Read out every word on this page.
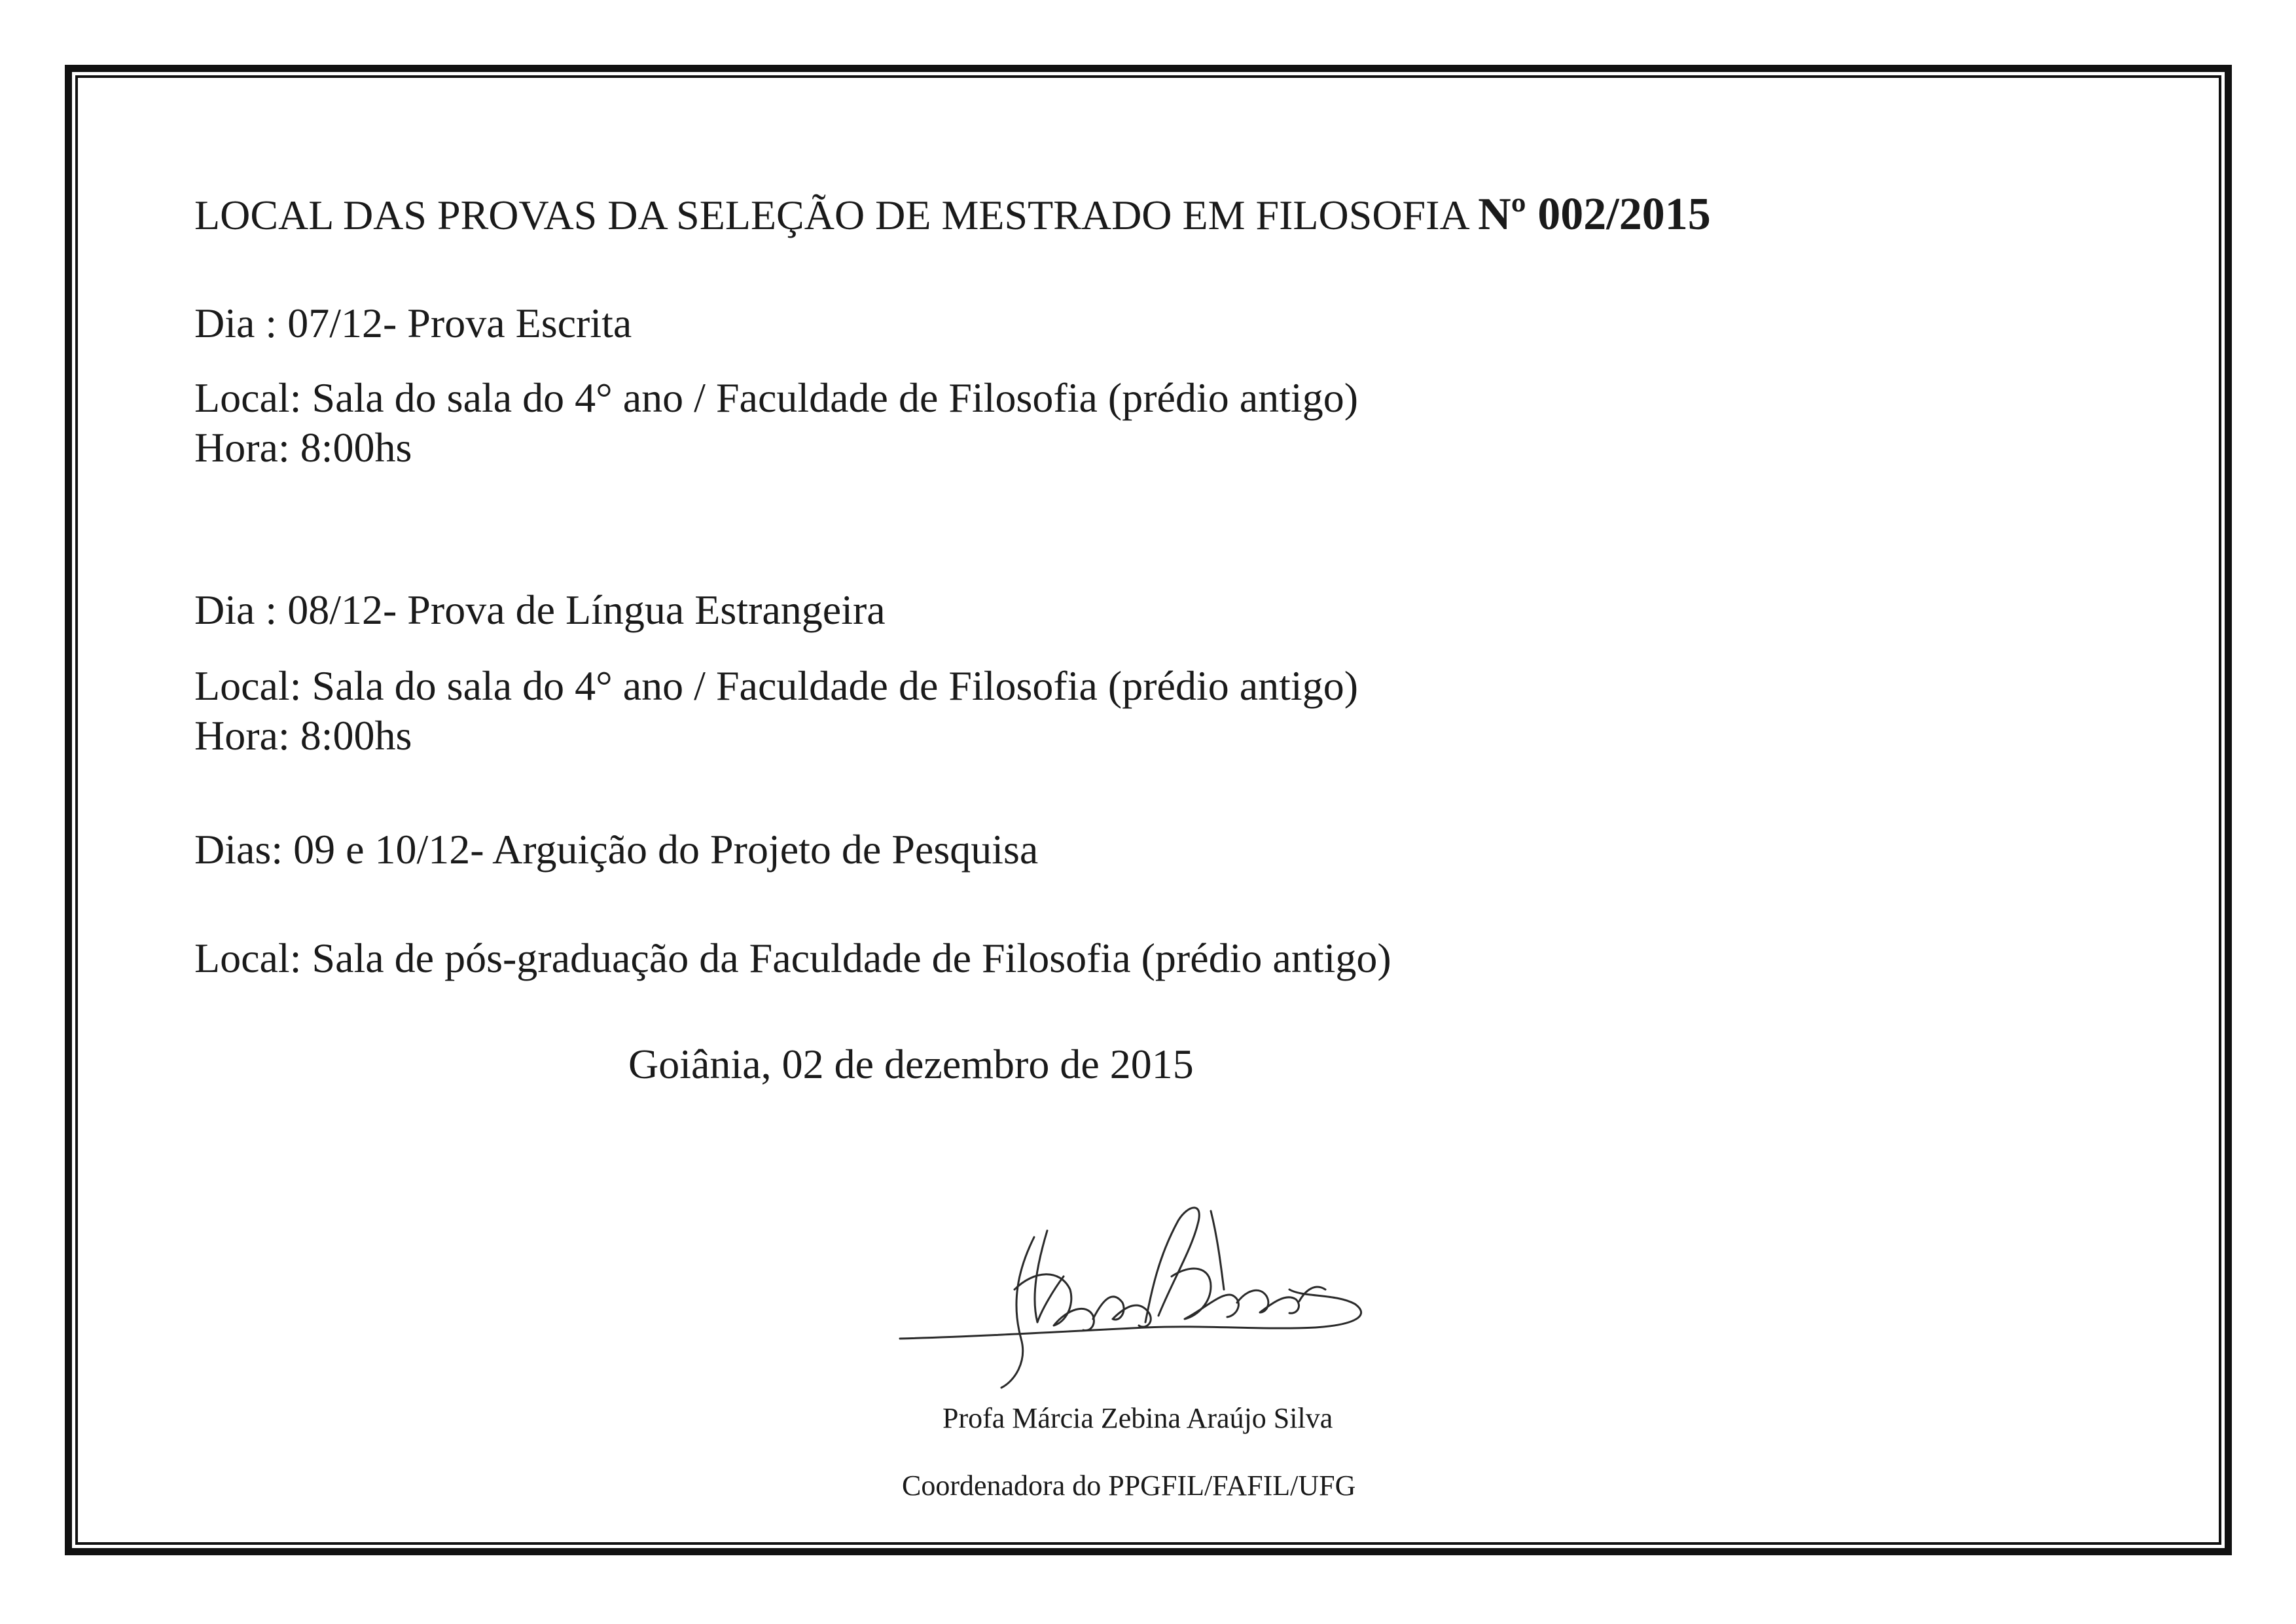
LOCAL DAS PROVAS DA SELEÇÃO DE MESTRADO EM FILOSOFIA Nº 002/2015
Dia : 07/12- Prova Escrita
Local: Sala do sala do 4° ano / Faculdade de Filosofia (prédio antigo)
Hora: 8:00hs
Dia : 08/12- Prova de Língua Estrangeira
Local: Sala do sala do 4° ano / Faculdade de Filosofia (prédio antigo)
Hora: 8:00hs
Dias: 09 e 10/12- Arguição do Projeto de Pesquisa
Local: Sala de pós-graduação da Faculdade de Filosofia (prédio antigo)
Goiânia, 02 de dezembro de 2015
Profa Márcia Zebina Araújo Silva
Coordenadora do PPGFIL/FAFIL/UFG
